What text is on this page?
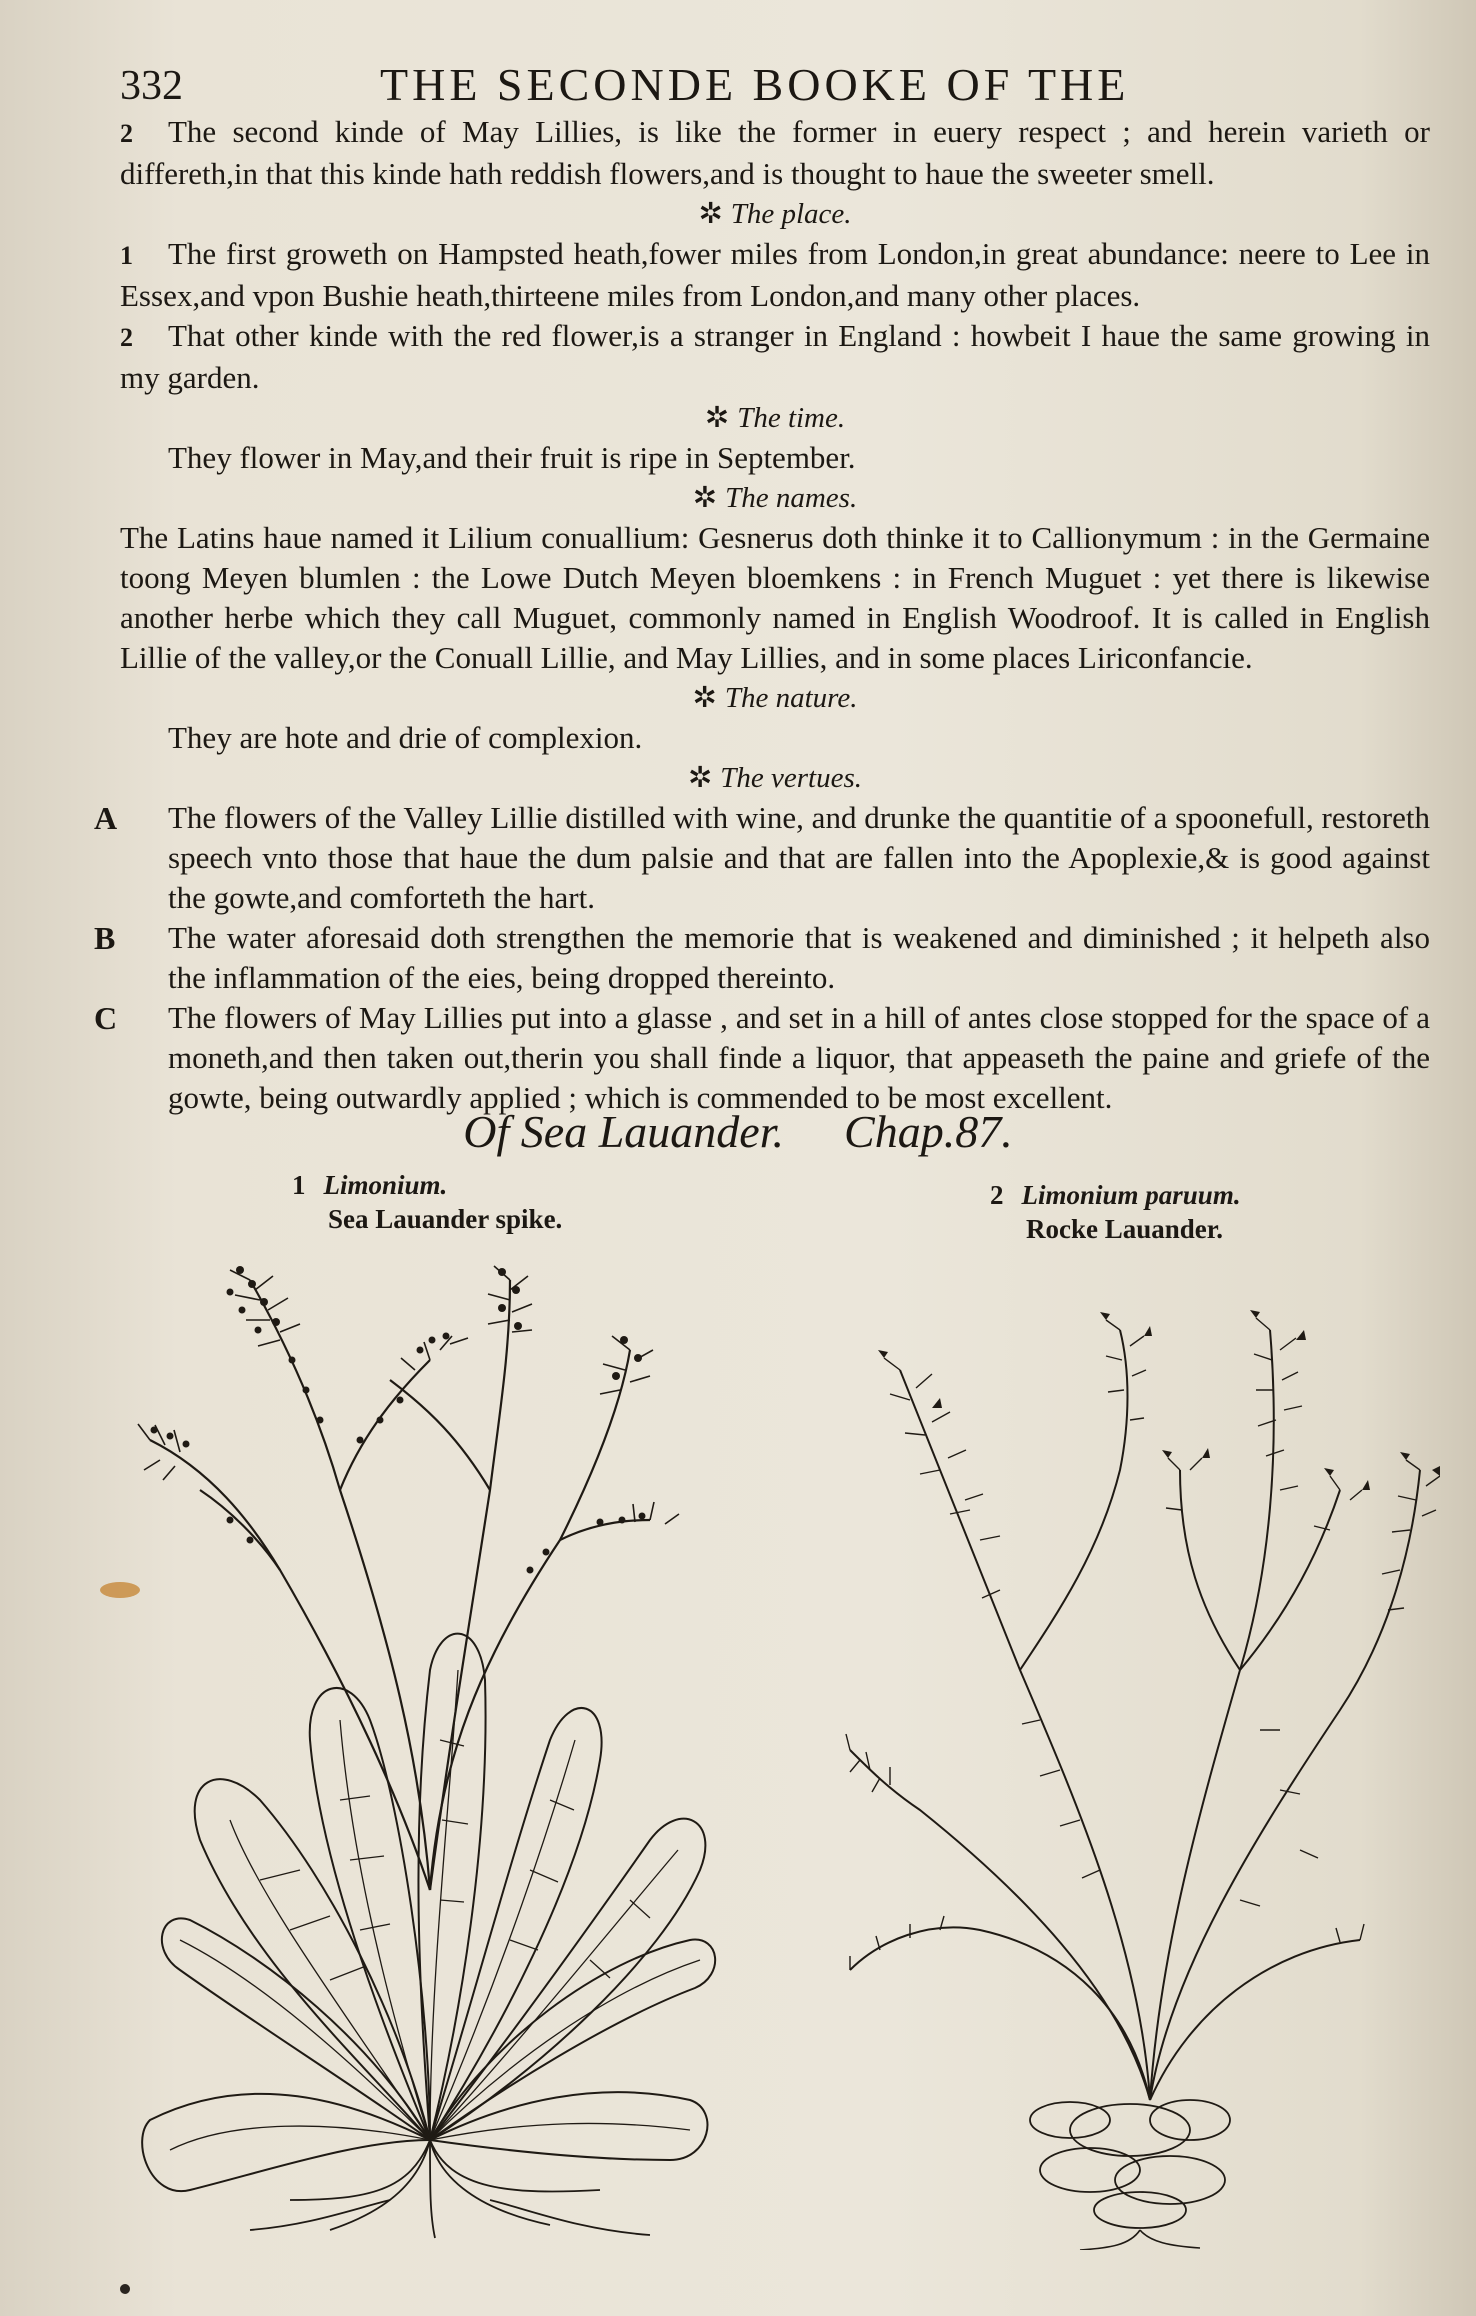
332	THE SECONDE BOOKE OF THE

2 The second kinde of May Lillies, is like the former in euery respect ; and herein varieth or differeth,in that this kinde hath reddish flowers,and is thought to haue the sweeter smell.

✲ The place.

1 The first groweth on Hampsted heath,fower miles from London,in great abundance: neere to Lee in Essex,and vpon Bushie heath,thirteene miles from London,and many other places.

2 That other kinde with the red flower,is a stranger in England : howbeit I haue the same growing in my garden.

✲ The time.

They flower in May,and their fruit is ripe in September.

✲ The names.

The Latins haue named it Lilium conuallium: Gesnerus doth thinke it to Callionymum : in the Germaine toong Meyen blumlen : the Lowe Dutch Meyen bloemkens : in French Muguet : yet there is likewise another herbe which they call Muguet, commonly named in English Woodroof. It is called in English Lillie of the valley,or the Conuall Lillie, and May Lillies, and in some places Liriconfancie.

✲ The nature.

They are hote and drie of complexion.

✲ The vertues.

A The flowers of the Valley Lillie distilled with wine, and drunke the quantitie of a spoonefull, restoreth speech vnto those that haue the dum palsie and that are fallen into the Apoplexie,& is good against the gowte,and comforteth the hart.

B The water aforesaid doth strengthen the memorie that is weakened and diminished ; it helpeth also the inflammation of the eies, being dropped thereinto.

C The flowers of May Lillies put into a glasse , and set in a hill of antes close stopped for the space of a moneth,and then taken out,therin you shall finde a liquor, that appeaseth the paine and griefe of the gowte, being outwardly applied ; which is commended to be most excellent.

Of Sea Lauander. Chap.87.
1 Limonium.
Sea Lauander spike.
2 Limonium paruum.
Rocke Lauander.
